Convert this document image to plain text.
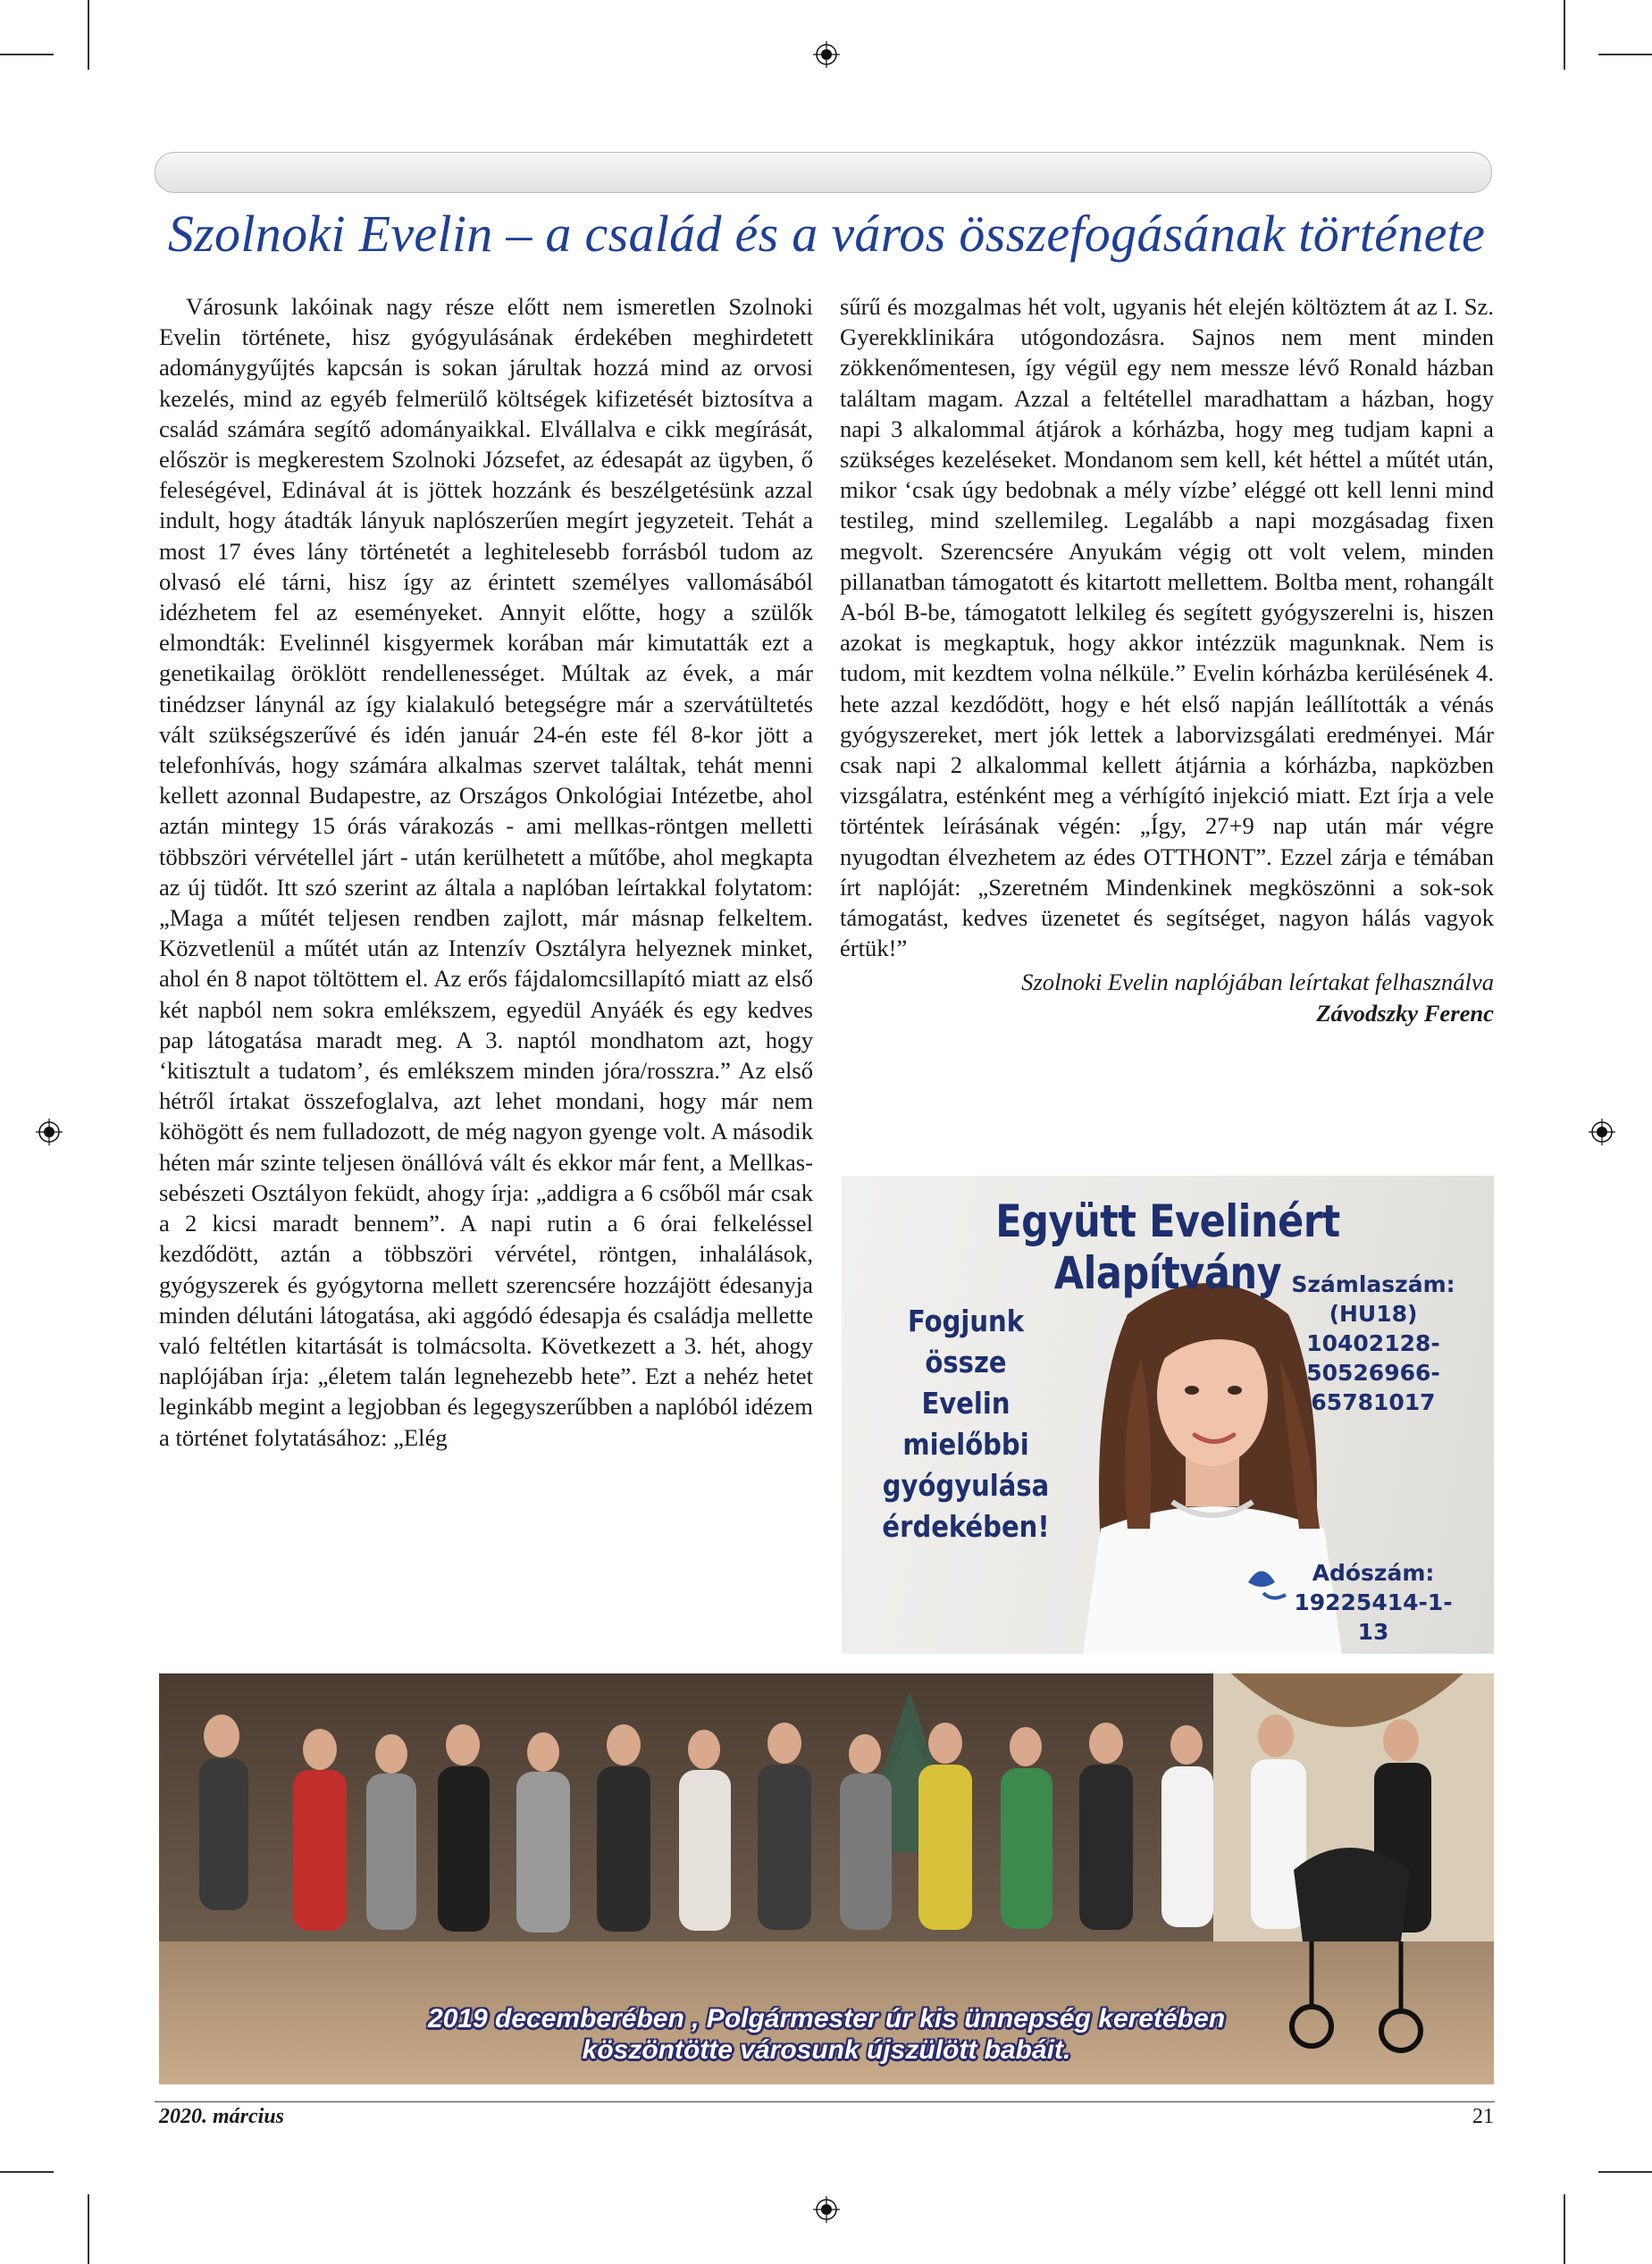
Szolnoki Evelin – a család és a város összefogásának története

Városunk lakóinak nagy része előtt nem ismeretlen Szolnoki Evelin története, hisz gyógyulásának érdekében meghirdetett adománygyűjtés kapcsán is sokan járultak hozzá mind az orvosi kezelés, mind az egyéb felmerülő költségek kifizetését biztosítva a család számára segítő adományaikkal. Elvállalva e cikk megírását, először is megkerestem Szolnoki Józsefet, az édesapát az ügyben, ő feleségével, Edinával át is jöttek hozzánk és beszélgetésünk azzal indult, hogy átadták lányuk naplószerűen megírt jegyzeteit. Tehát a most 17 éves lány történetét a leghitelesebb forrásból tudom az olvasó elé tárni, hisz így az érintett személyes vallomásából idézhetem fel az eseményeket. Annyit előtte, hogy a szülők elmondták: Evelinnél kisgyermek korában már kimutatták ezt a genetikailag öröklött rendellenességet. Múltak az évek, a már tinédzser lánynál az így kialakuló betegségre már a szervátültetés vált szükségszerűvé és idén január 24-én este fél 8-kor jött a telefonhívás, hogy számára alkalmas szervet találtak, tehát menni kellett azonnal Budapestre, az Országos Onkológiai Intézetbe, ahol aztán mintegy 15 órás várakozás - ami mellkas-röntgen melletti többszöri vérvétellel járt - után kerülhetett a műtőbe, ahol megkapta az új tüdőt. Itt szó szerint az általa a naplóban leírtakkal folytatom: „Maga a műtét teljesen rendben zajlott, már másnap felkeltem. Közvetlenül a műtét után az Intenzív Osztályra helyeznek minket, ahol én 8 napot töltöttem el. Az erős fájdalomcsillapító miatt az első két napból nem sokra emlékszem, egyedül Anyáék és egy kedves pap látogatása maradt meg. A 3. naptól mondhatom azt, hogy ‘kitisztult a tudatom’, és emlékszem minden jóra/rosszra.” Az első hétről írtakat összefoglalva, azt lehet mondani, hogy már nem köhögött és nem fulladozott, de még nagyon gyenge volt. A második héten már szinte teljesen önállóvá vált és ekkor már fent, a Mellkas-sebészeti Osztályon feküdt, ahogy írja: „addigra a 6 csőből már csak a 2 kicsi maradt bennem”. A napi rutin a 6 órai felkeléssel kezdődött, aztán a többszöri vérvétel, röntgen, inhalálások, gyógyszerek és gyógytorna mellett szerencsére hozzájött édesanyja minden délutáni látogatása, aki aggódó édesapja és családja mellette való feltétlen kitartását is tolmácsolta. Következett a 3. hét, ahogy naplójában írja: „életem talán legnehezebb hete”. Ezt a nehéz hetet leginkább megint a legjobban és legegyszerűbben a naplóból idézem a történet folytatásához: „Elég

sűrű és mozgalmas hét volt, ugyanis hét elején költöztem át az I. Sz. Gyerekklinikára utógondozásra. Sajnos nem ment minden zökkenőmentesen, így végül egy nem messze lévő Ronald házban találtam magam. Azzal a feltétellel maradhattam a házban, hogy napi 3 alkalommal átjárok a kórházba, hogy meg tudjam kapni a szükséges kezeléseket. Mondanom sem kell, két héttel a műtét után, mikor ‘csak úgy bedobnak a mély vízbe’ eléggé ott kell lenni mind testileg, mind szellemileg. Legalább a napi mozgásadag fixen megvolt. Szerencsére Anyukám végig ott volt velem, minden pillanatban támogatott és kitartott mellettem. Boltba ment, rohangált A-ból B-be, támogatott lelkileg és segített gyógyszerelni is, hiszen azokat is megkaptuk, hogy akkor intézzük magunknak. Nem is tudom, mit kezdtem volna nélküle.” Evelin kórházba kerülésének 4. hete azzal kezdődött, hogy e hét első napján leállították a vénás gyógyszereket, mert jók lettek a laborvizsgálati eredményei. Már csak napi 2 alkalommal kellett átjárnia a kórházba, napközben vizsgálatra, esténként meg a vérhígító injekció miatt. Ezt írja a vele történtek leírásának végén: „Így, 27+9 nap után már végre nyugodtan élvezhetem az édes OTTHONT”. Ezzel zárja e témában írt naplóját: „Szeretném Mindenkinek megköszönni a sok-sok támogatást, kedves üzenetet és segítséget, nagyon hálás vagyok értük!”

Szolnoki Evelin naplójában leírtakat felhasználva

Závodszky Ferenc

Együtt Evelinért Alapítvány
Fogjunk
össze
Evelin
mielőbbi
gyógyulása
érdekében!
Számlaszám:
(HU18)
10402128-
50526966-
65781017
Adószám:
19225414-1-13
2019 decemberében , Polgármester úr kis ünnepség keretében
köszöntötte városunk újszülött babáit.
2020. március	21
